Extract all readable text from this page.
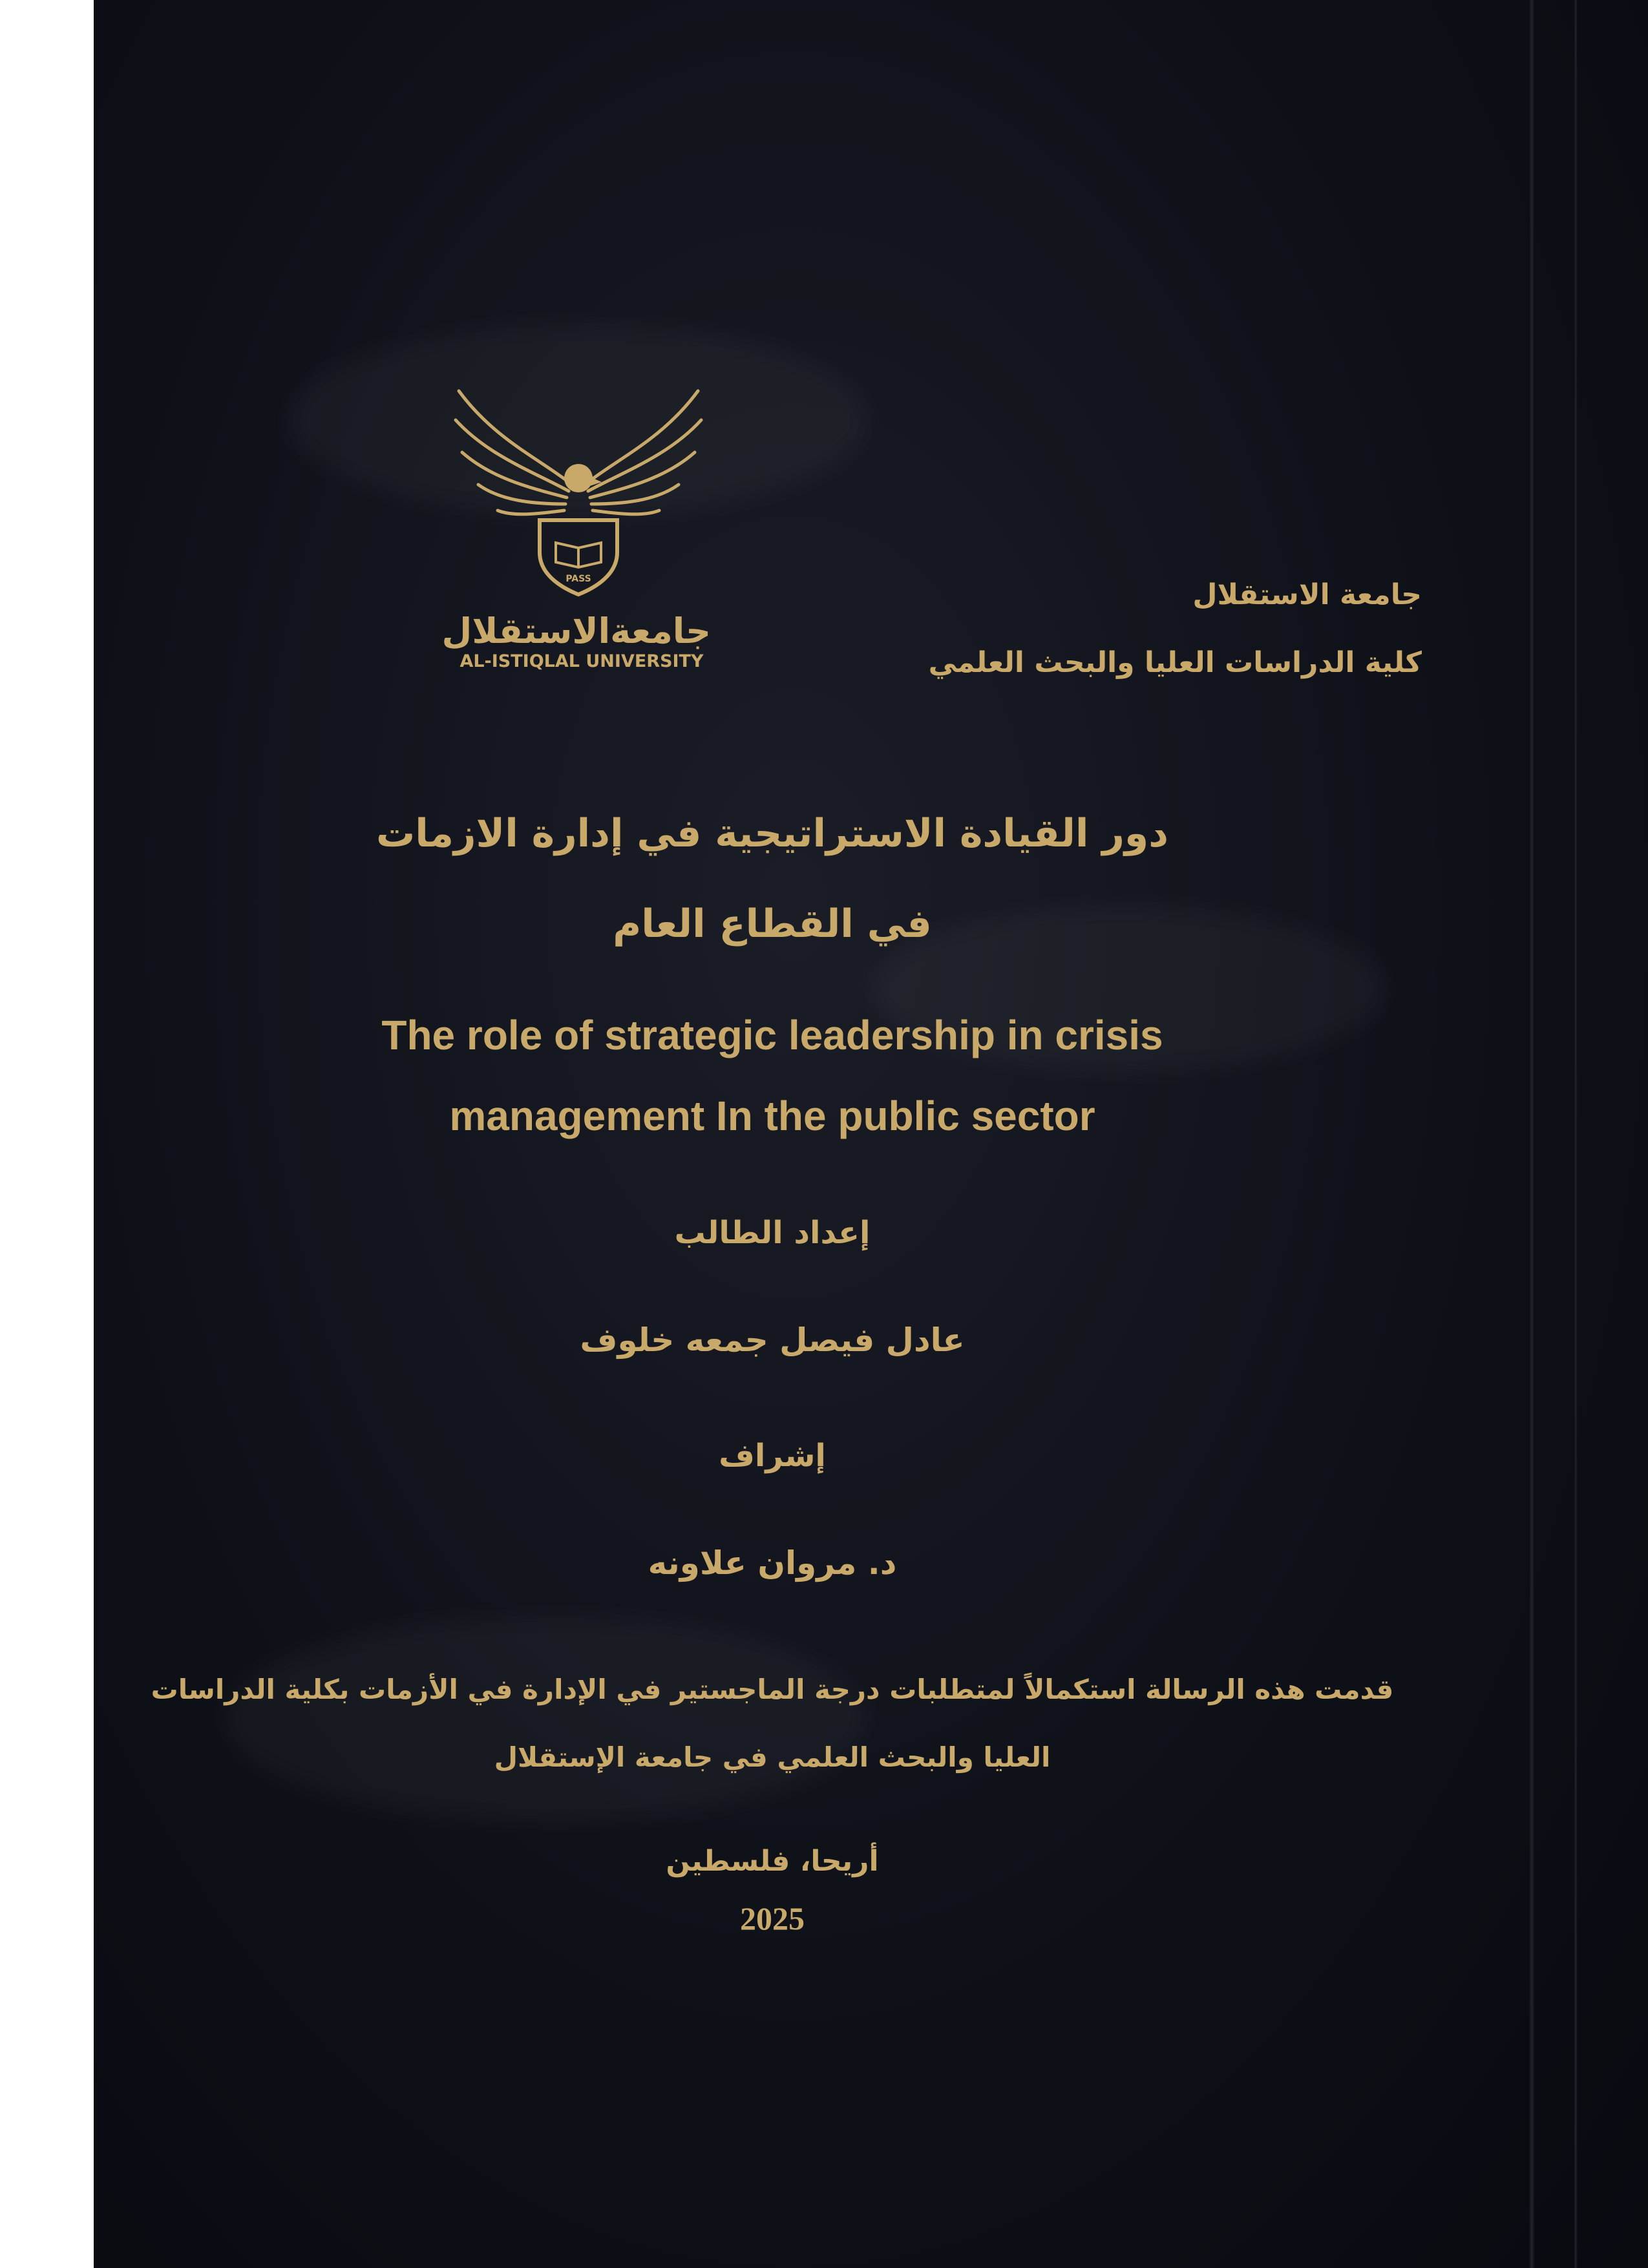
PASS
جامعةالاستقلال
AL-ISTIQLAL UNIVERSITY
جامعة الاستقلال
كلية الدراسات العليا والبحث العلمي
دور القيادة الاستراتيجية في إدارة الازمات
في القطاع العام
The role of strategic leadership in crisis
management In the public sector
إعداد الطالب
عادل فيصل جمعه خلوف
إشراف
د. مروان علاونه
قدمت هذه الرسالة استكمالاً لمتطلبات درجة الماجستير في الإدارة في الأزمات بكلية الدراسات
العليا والبحث العلمي في جامعة الإستقلال
أريحا، فلسطين
2025
